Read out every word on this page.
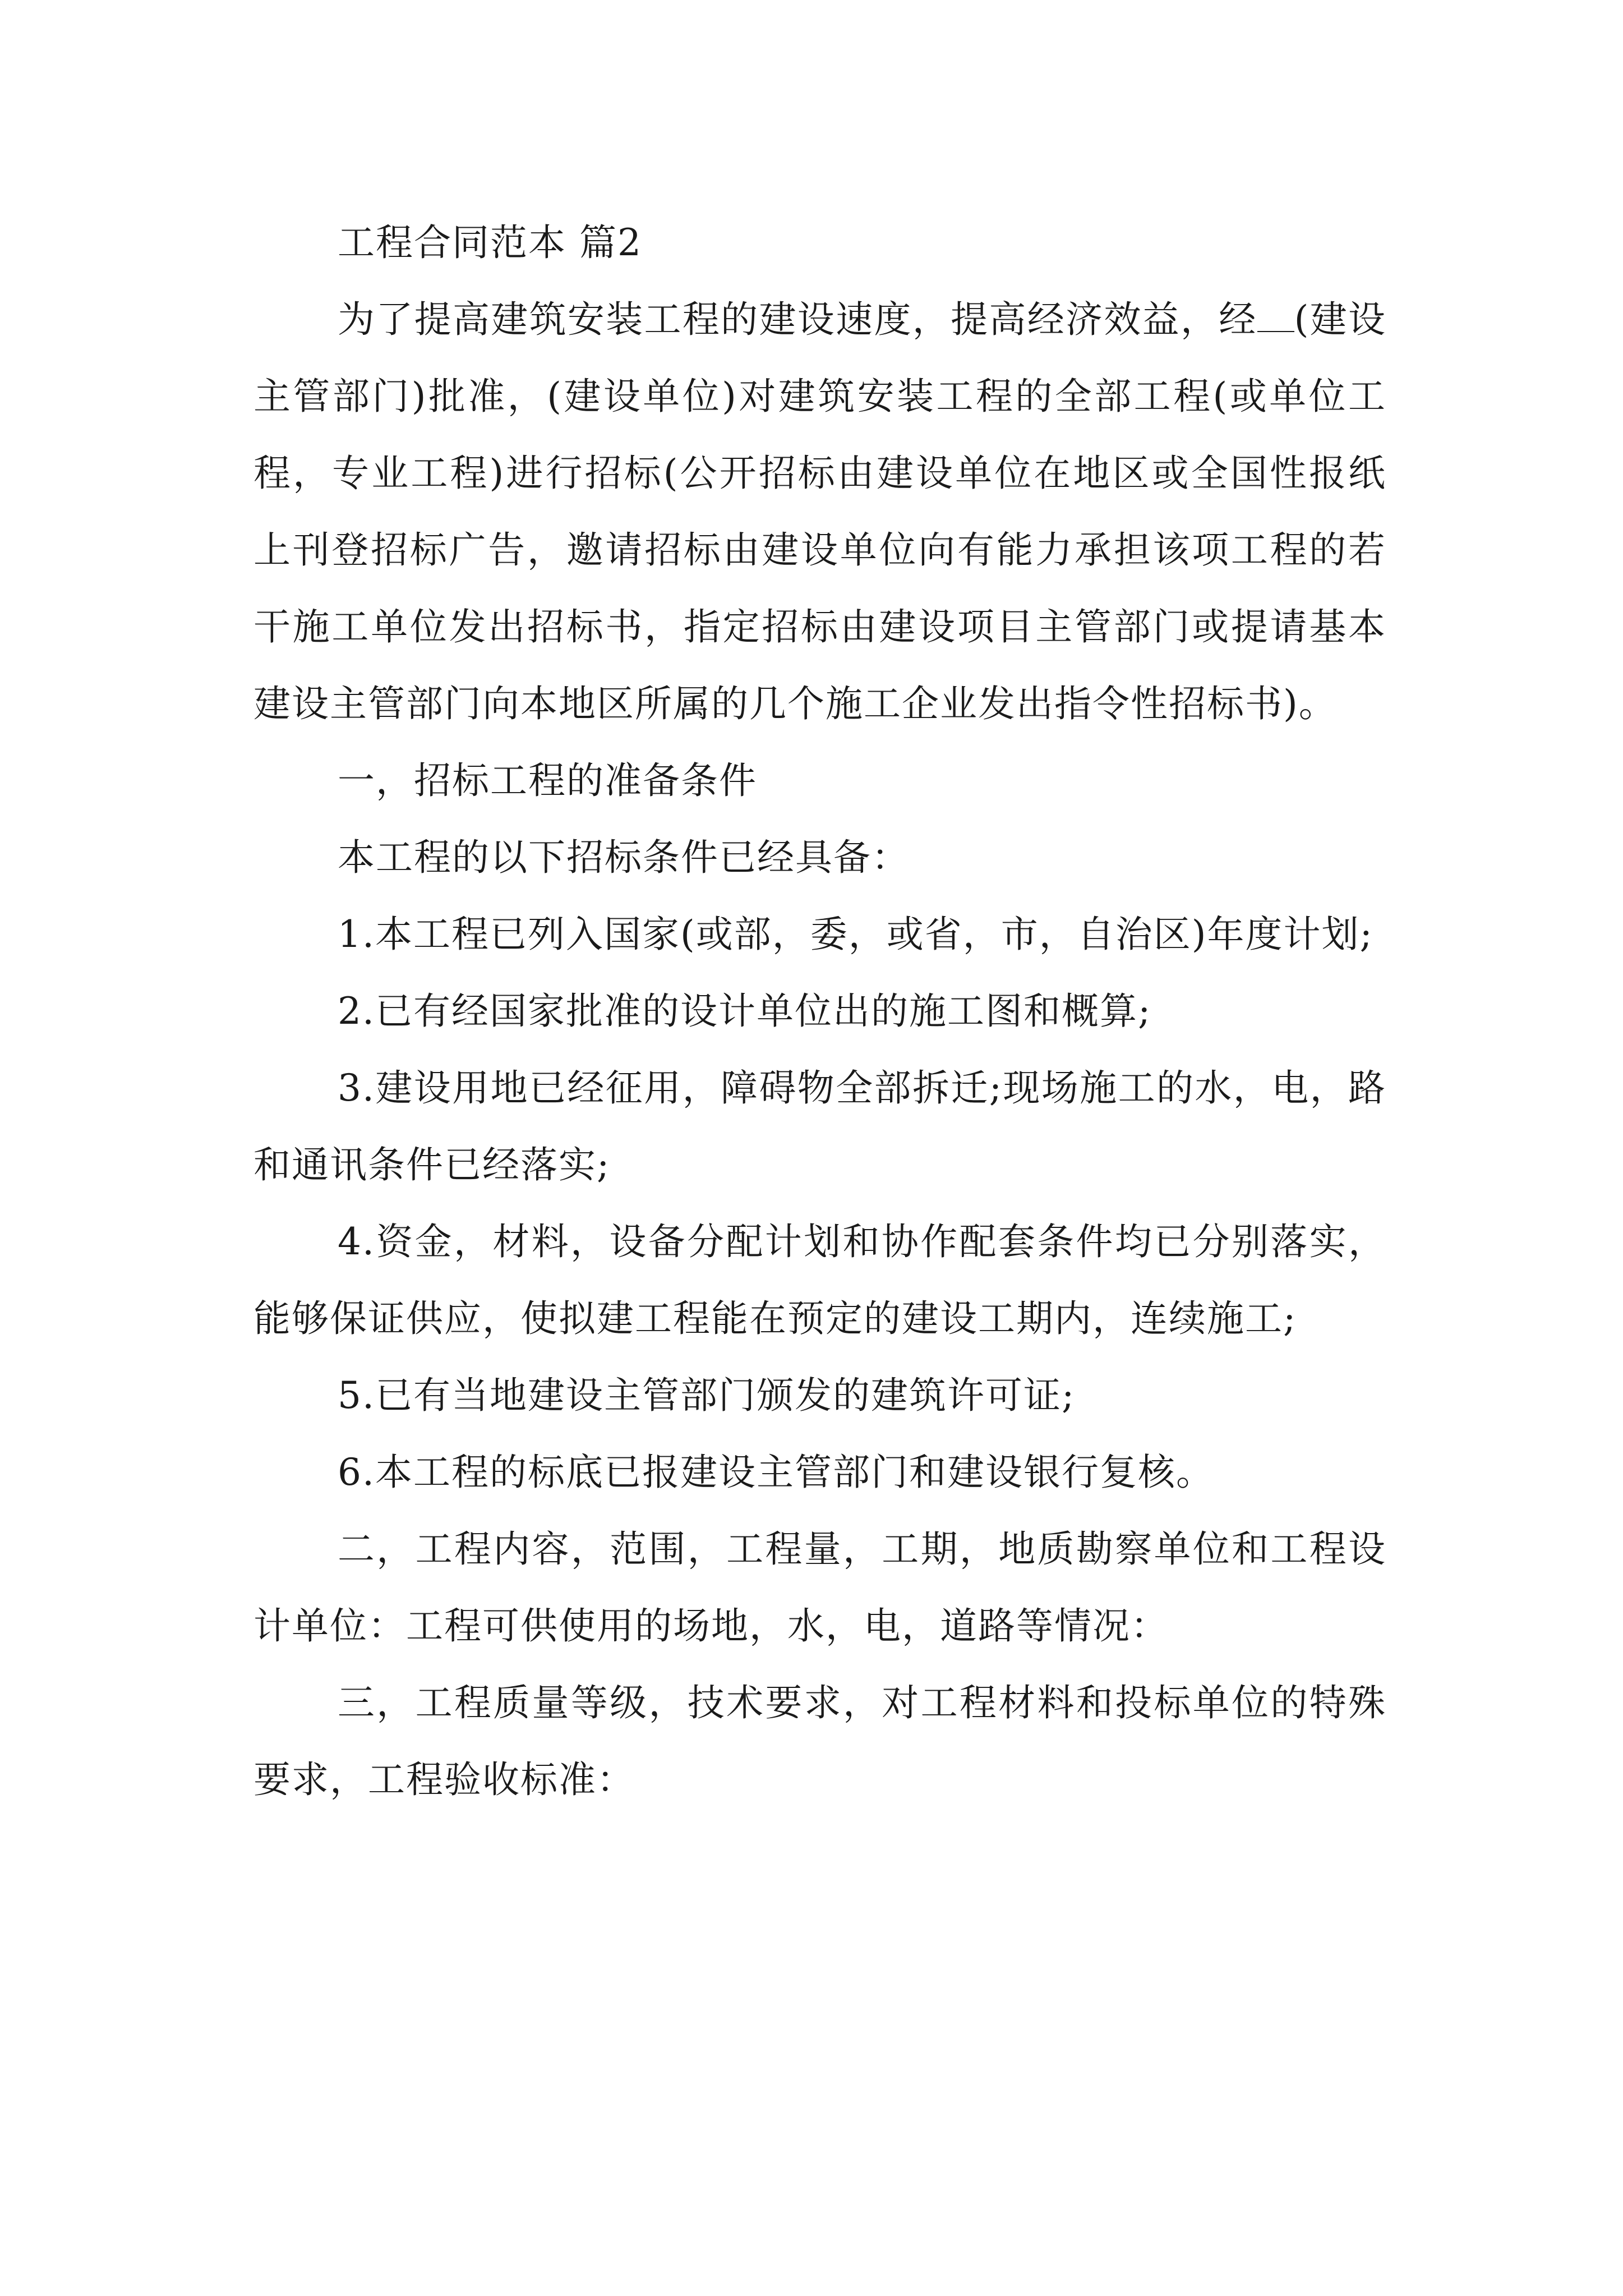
工程合同范本 篇2

为了提高建筑安装工程的建设速度，提高经济效益，经 (建设主管部门)批准，(建设单位)对建筑安装工程的全部工程(或单位工程，专业工程)进行招标(公开招标由建设单位在地区或全国性报纸上刊登招标广告，邀请招标由建设单位向有能力承担该项工程的若干施工单位发出招标书，指定招标由建设项目主管部门或提请基本建设主管部门向本地区所属的几个施工企业发出指令性招标书)。

一，招标工程的准备条件

本工程的以下招标条件已经具备：

1.本工程已列入国家(或部，委，或省，市，自治区)年度计划;

2.已有经国家批准的设计单位出的施工图和概算;

3.建设用地已经征用，障碍物全部拆迁;现场施工的水，电，路和通讯条件已经落实;

4.资金，材料，设备分配计划和协作配套条件均已分别落实，能够保证供应，使拟建工程能在预定的建设工期内，连续施工;

5.已有当地建设主管部门颁发的建筑许可证;

6.本工程的标底已报建设主管部门和建设银行复核。

二，工程内容，范围，工程量，工期，地质勘察单位和工程设计单位：工程可供使用的场地，水，电，道路等情况：

三，工程质量等级，技术要求，对工程材料和投标单位的特殊要求，工程验收标准：
